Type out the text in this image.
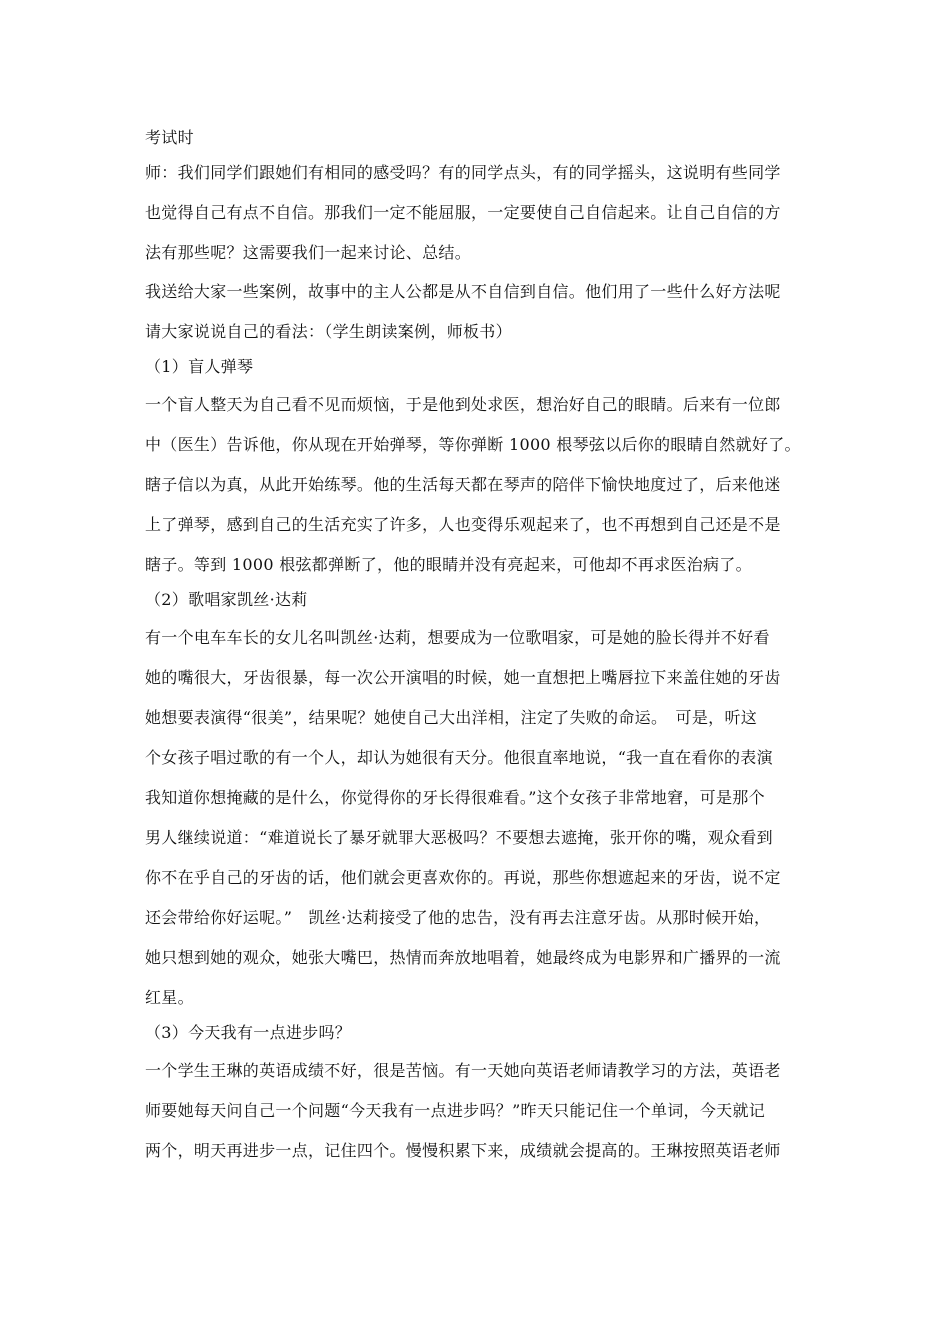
考试时
师：我们同学们跟她们有相同的感受吗？有的同学点头，有的同学摇头，这说明有些同学
也觉得自己有点不自信。那我们一定不能屈服，一定要使自己自信起来。让自己自信的方
法有那些呢？这需要我们一起来讨论、总结。
我送给大家一些案例，故事中的主人公都是从不自信到自信。他们用了一些什么好方法呢
请大家说说自己的看法：（学生朗读案例，师板书）
（1）盲人弹琴
一个盲人整天为自己看不见而烦恼，于是他到处求医，想治好自己的眼睛。后来有一位郎
中（医生）告诉他，你从现在开始弹琴，等你弹断 1000 根琴弦以后你的眼睛自然就好了。
瞎子信以为真，从此开始练琴。他的生活每天都在琴声的陪伴下愉快地度过了，后来他迷
上了弹琴，感到自己的生活充实了许多，人也变得乐观起来了，也不再想到自己还是不是
瞎子。等到 1000 根弦都弹断了，他的眼睛并没有亮起来，可他却不再求医治病了。
（2）歌唱家凯丝·达莉
有一个电车车长的女儿名叫凯丝·达莉，想要成为一位歌唱家，可是她的脸长得并不好看
她的嘴很大，牙齿很暴，每一次公开演唱的时候，她一直想把上嘴唇拉下来盖住她的牙齿
她想要表演得“很美”，结果呢？她使自己大出洋相，注定了失败的命运。　可是，听这
个女孩子唱过歌的有一个人，却认为她很有天分。他很直率地说，“我一直在看你的表演
我知道你想掩藏的是什么，你觉得你的牙长得很难看。”这个女孩子非常地窘，可是那个
男人继续说道：“难道说长了暴牙就罪大恶极吗？不要想去遮掩，张开你的嘴，观众看到
你不在乎自己的牙齿的话，他们就会更喜欢你的。再说，那些你想遮起来的牙齿，说不定
还会带给你好运呢。”　凯丝·达莉接受了他的忠告，没有再去注意牙齿。从那时候开始，
她只想到她的观众，她张大嘴巴，热情而奔放地唱着，她最终成为电影界和广播界的一流
红星。
（3）今天我有一点进步吗？
一个学生王琳的英语成绩不好，很是苦恼。有一天她向英语老师请教学习的方法，英语老
师要她每天问自己一个问题“今天我有一点进步吗？”昨天只能记住一个单词，今天就记
两个，明天再进步一点，记住四个。慢慢积累下来，成绩就会提高的。王琳按照英语老师
